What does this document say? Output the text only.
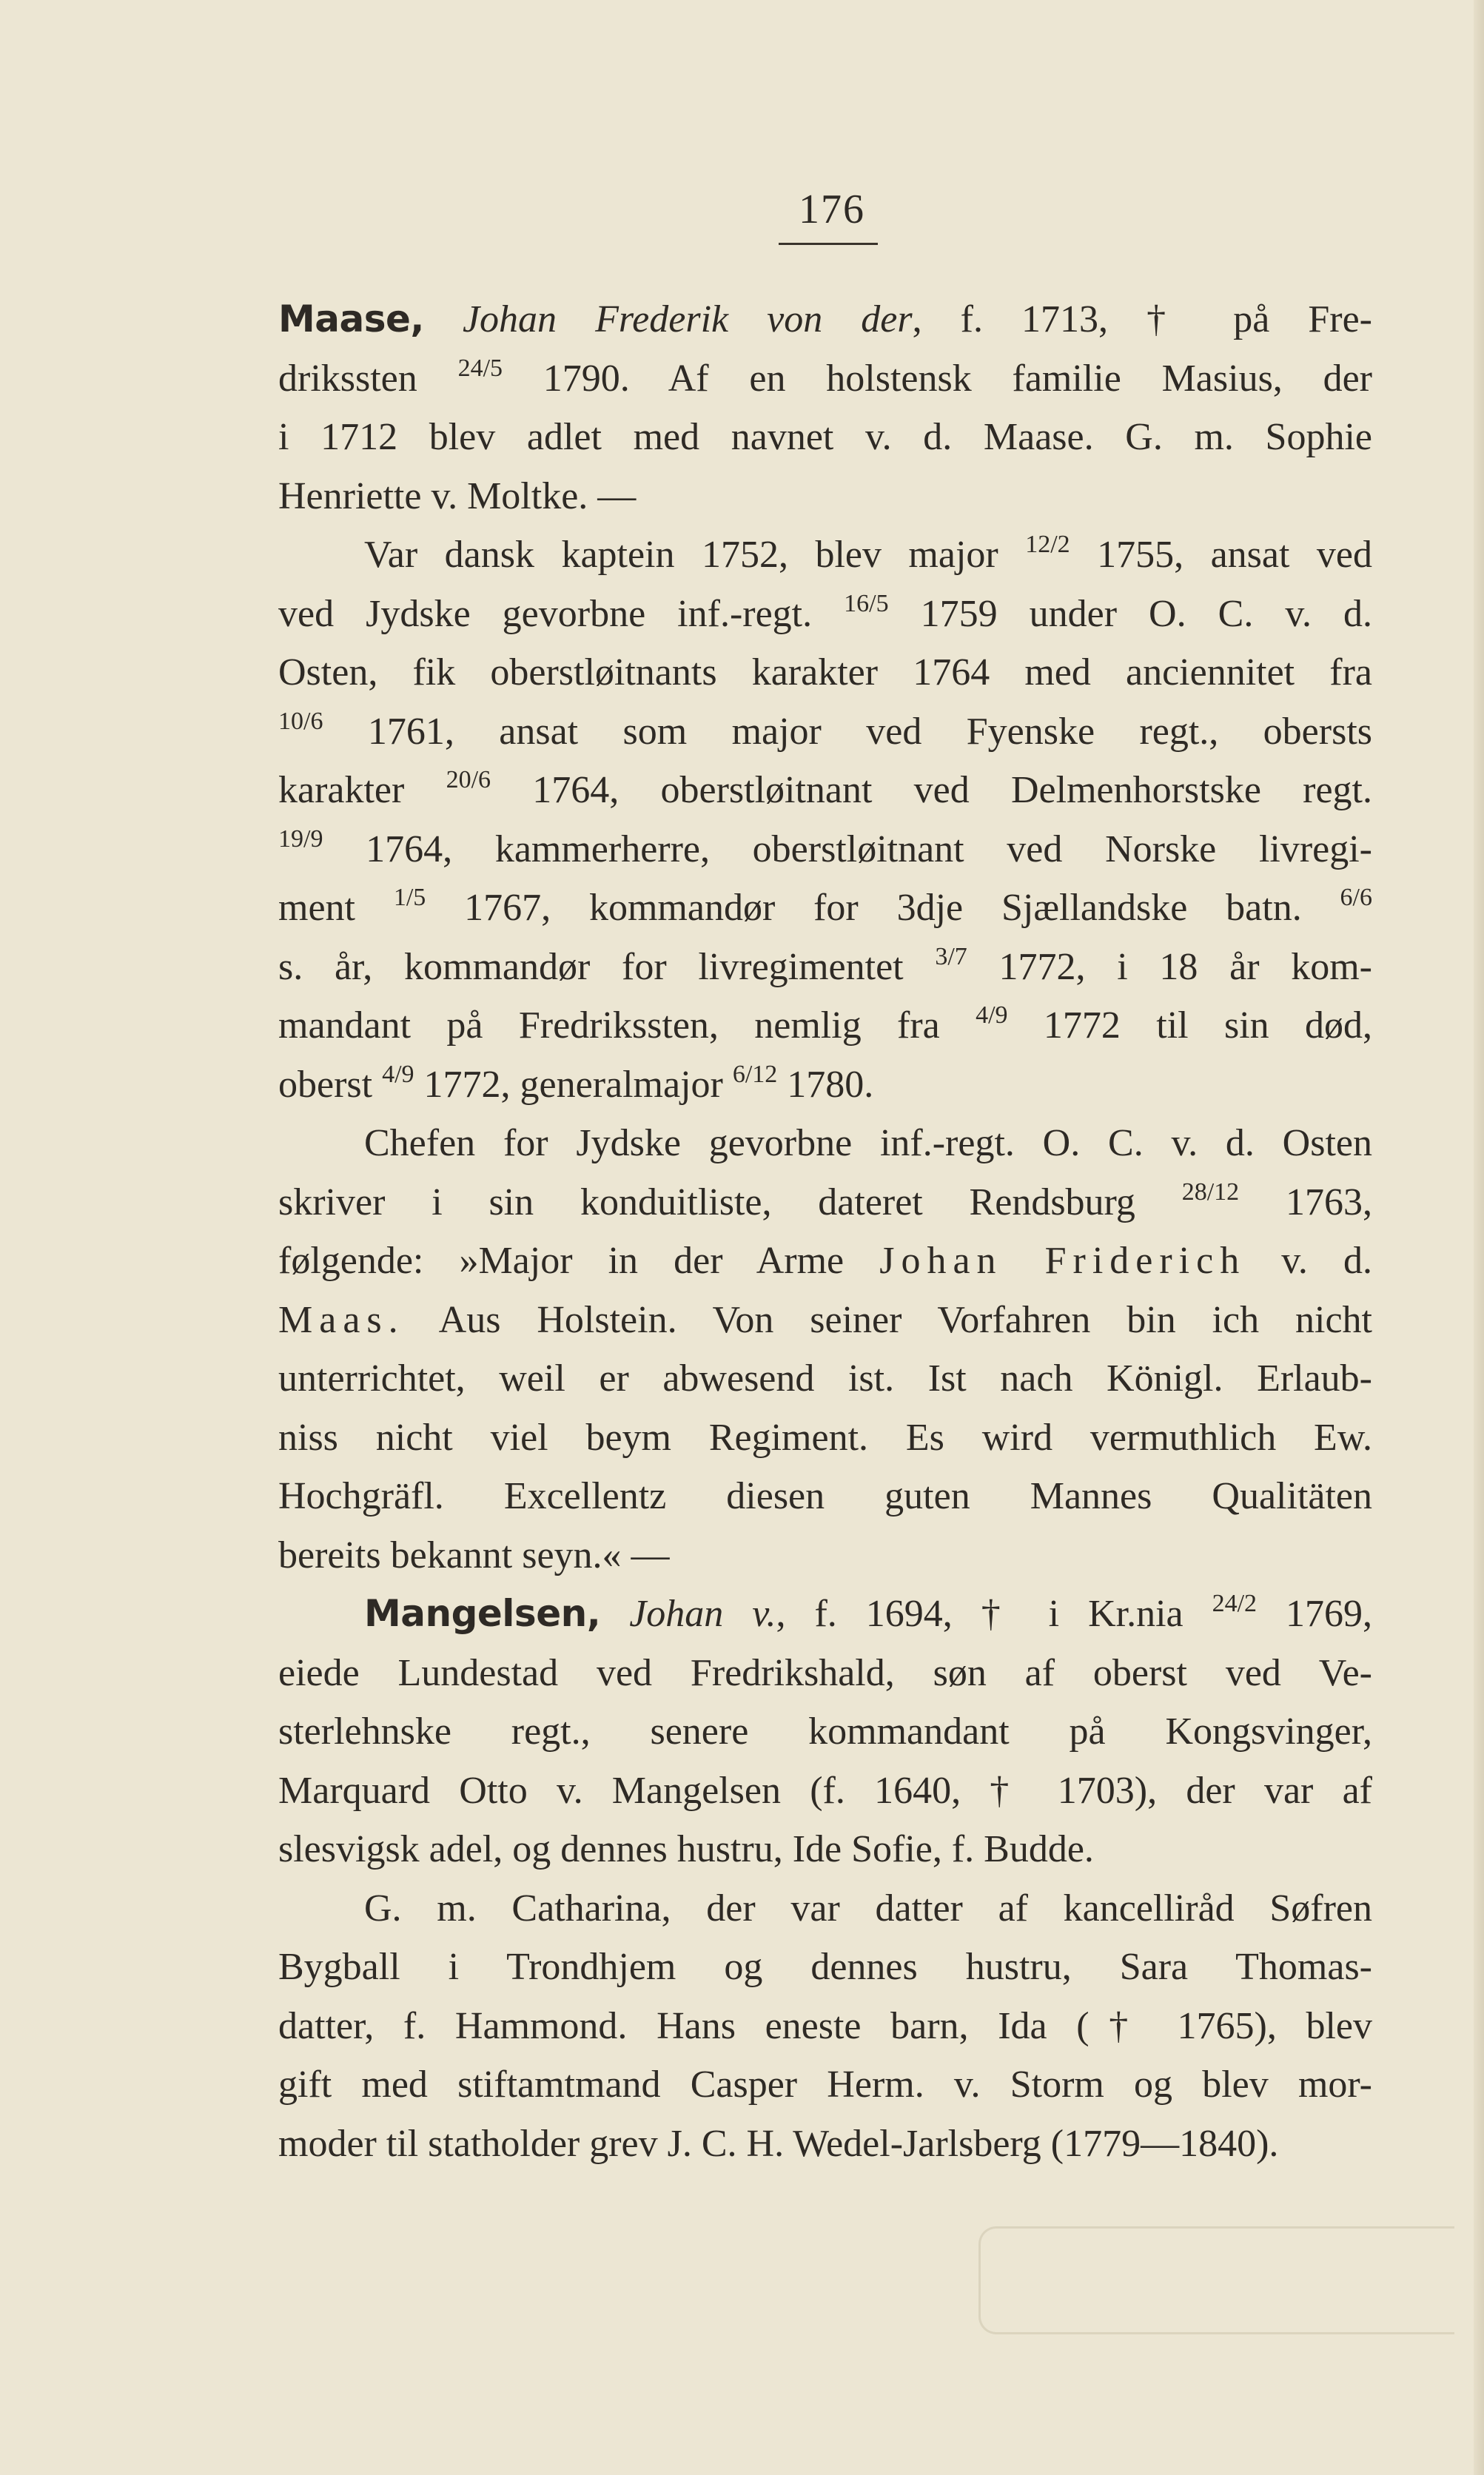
176
Maase, Johan Frederik von der, f. 1713, † på Fre-
drikssten $^{24/5}$ 1790. Af en holstensk familie Masius, der
i 1712 blev adlet med navnet v. d. Maase. G. m. Sophie
Henriette v. Moltke. —
Var dansk kaptein 1752, blev major $^{12/2}$ 1755, ansat ved
ved Jydske gevorbne inf.-regt. $^{16/5}$ 1759 under O. C. v. d.
Osten, fik oberstløitnants karakter 1764 med anciennitet fra
$^{10/6}$ 1761, ansat som major ved Fyenske regt., obersts
karakter $^{20/6}$ 1764, oberstløitnant ved Delmenhorstske regt.
$^{19/9}$ 1764, kammerherre, oberstløitnant ved Norske livregi-
ment $^{1/5}$ 1767, kommandør for 3dje Sjællandske batn. $^{6/6}$
s. år, kommandør for livregimentet $^{3/7}$ 1772, i 18 år kom-
mandant på Fredrikssten, nemlig fra $^{4/9}$ 1772 til sin død,
oberst $^{4/9}$ 1772, generalmajor $^{6/12}$ 1780.
Chefen for Jydske gevorbne inf.-regt. O. C. v. d. Osten
skriver i sin konduitliste, dateret Rendsburg $^{28/12}$ 1763,
følgende: »Major in der Arme Johan Friderich v. d.
Maas. Aus Holstein. Von seiner Vorfahren bin ich nicht
unterrichtet, weil er abwesend ist. Ist nach Königl. Erlaub-
niss nicht viel beym Regiment. Es wird vermuthlich Ew.
Hochgräfl. Excellentz diesen guten Mannes Qualitäten
bereits bekannt seyn.« —
Mangelsen, Johan v., f. 1694, † i Kr.nia $^{24/2}$ 1769,
eiede Lundestad ved Fredrikshald, søn af oberst ved Ve-
sterlehnske regt., senere kommandant på Kongsvinger,
Marquard Otto v. Mangelsen (f. 1640, † 1703), der var af
slesvigsk adel, og dennes hustru, Ide Sofie, f. Budde.
G. m. Catharina, der var datter af kancelliråd Søfren
Bygball i Trondhjem og dennes hustru, Sara Thomas-
datter, f. Hammond. Hans eneste barn, Ida († 1765), blev
gift med stiftamtmand Casper Herm. v. Storm og blev mor-
moder til statholder grev J. C. H. Wedel-Jarlsberg (1779—1840).
